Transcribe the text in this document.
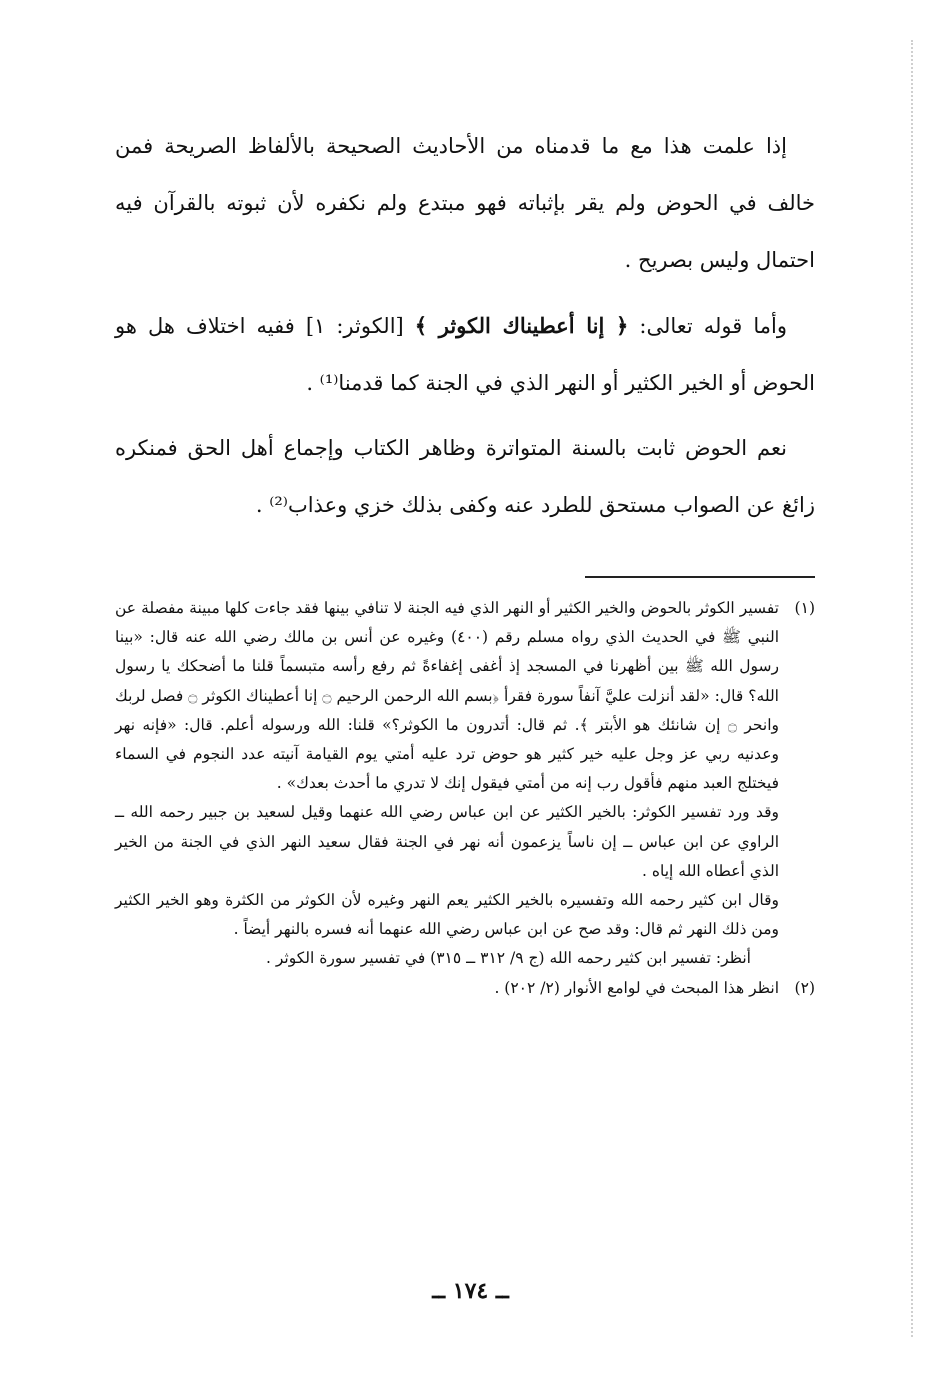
إذا علمت هذا مع ما قدمناه من الأحاديث الصحيحة بالألفاظ الصريحة فمن خالف في الحوض ولم يقر بإثباته فهو مبتدع ولم نكفره لأن ثبوته بالقرآن فيه احتمال وليس بصريح .

وأما قوله تعالى: ﴿ إنا أعطيناك الكوثر ﴾ [الكوثر: ١] ففيه اختلاف هل هو الحوض أو الخير الكثير أو النهر الذي في الجنة كما قدمنا⁽¹⁾ .

نعم الحوض ثابت بالسنة المتواترة وظاهر الكتاب وإجماع أهل الحق فمنكره زائغ عن الصواب مستحق للطرد عنه وكفى بذلك خزي وعذاب⁽²⁾ .

(١)

تفسير الكوثر بالحوض والخير الكثير أو النهر الذي فيه الجنة لا تنافي بينها فقد جاءت كلها مبينة مفصلة عن النبي ﷺ في الحديث الذي رواه مسلم رقم (٤٠٠) وغيره عن أنس بن مالك رضي الله عنه قال: «بينا رسول الله ﷺ بين أظهرنا في المسجد إذ أغفى إغفاءةً ثم رفع رأسه متبسماً قلنا ما أضحكك يا رسول الله؟ قال: «لقد أنزلت عليَّ آنفاً سورة فقرأ ﴿بسم الله الرحمن الرحيم ۝ إنا أعطيناك الكوثر ۝ فصل لربك وانحر ۝ إن شانئك هو الأبتر ﴾. ثم قال: أتدرون ما الكوثر؟» قلنا: الله ورسوله أعلم. قال: «فإنه نهر وعدنيه ربي عز وجل عليه خير كثير هو حوض ترد عليه أمتي يوم القيامة آنيته عدد النجوم في السماء فيختلج العبد منهم فأقول رب إنه من أمتي فيقول إنك لا تدري ما أحدث بعدك» .

وقد ورد تفسير الكوثر: بالخير الكثير عن ابن عباس رضي الله عنهما وقيل لسعيد بن جبير رحمه الله ــ الراوي عن ابن عباس ــ إن ناساً يزعمون أنه نهر في الجنة فقال سعيد النهر الذي في الجنة من الخير الذي أعطاه الله إياه .

وقال ابن كثير رحمه الله وتفسيره بالخير الكثير يعم النهر وغيره لأن الكوثر من الكثرة وهو الخير الكثير ومن ذلك النهر ثم قال: وقد صح عن ابن عباس رضي الله عنهما أنه فسره بالنهر أيضاً .

أنظر: تفسير ابن كثير رحمه الله (ج ٩/ ٣١٢ ــ ٣١٥) في تفسير سورة الكوثر .

(٢)

انظر هذا المبحث في لوامع الأنوار (٢/ ٢٠٢) .

ــ ١٧٤ ــ
